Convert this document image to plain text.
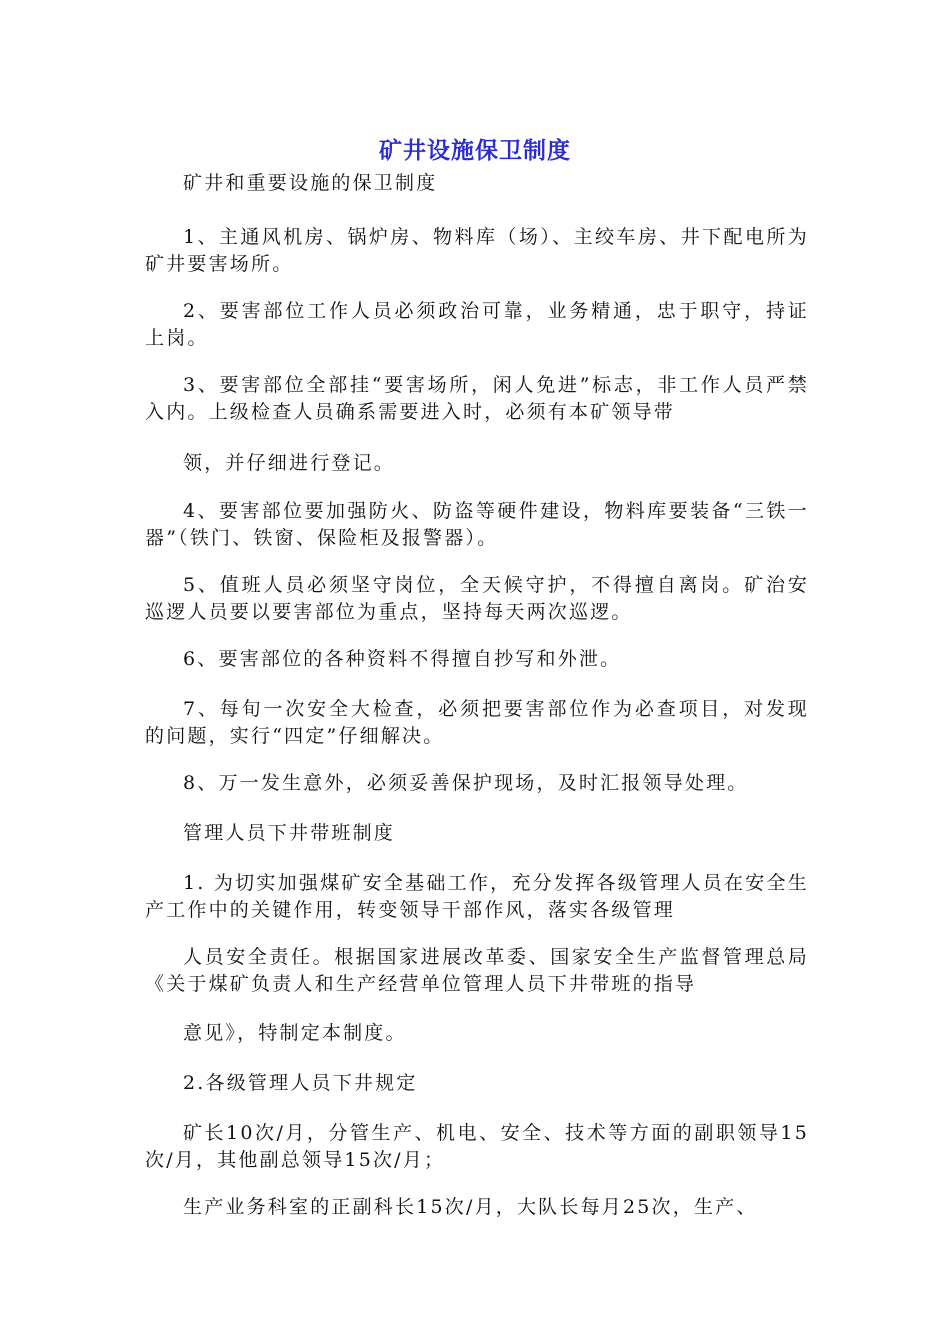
矿井设施保卫制度

矿井和重要设施的保卫制度

1、主通风机房、锅炉房、物料库（场）、主绞车房、井下配电所为矿井要害场所。

2、要害部位工作人员必须政治可靠，业务精通，忠于职守，持证上岗。

3、要害部位全部挂“要害场所，闲人免进”标志，非工作人员严禁入内。上级检查人员确系需要进入时，必须有本矿领导带

领，并仔细进行登记。

4、要害部位要加强防火、防盗等硬件建设，物料库要装备“三铁一器”（铁门、铁窗、保险柜及报警器）。

5、值班人员必须坚守岗位，全天候守护，不得擅自离岗。矿治安巡逻人员要以要害部位为重点，坚持每天两次巡逻。

6、要害部位的各种资料不得擅自抄写和外泄。

7、每旬一次安全大检查，必须把要害部位作为必查项目，对发现的问题，实行“四定”仔细解决。

8、万一发生意外，必须妥善保护现场，及时汇报领导处理。

管理人员下井带班制度

1. 为切实加强煤矿安全基础工作，充分发挥各级管理人员在安全生产工作中的关键作用，转变领导干部作风，落实各级管理

人员安全责任。根据国家进展改革委、国家安全生产监督管理总局《关于煤矿负责人和生产经营单位管理人员下井带班的指导

意见》，特制定本制度。

2.各级管理人员下井规定

矿长10次/月，分管生产、机电、安全、技术等方面的副职领导15次/月，其他副总领导15次/月；

生产业务科室的正副科长15次/月，大队长每月25次，生产、
